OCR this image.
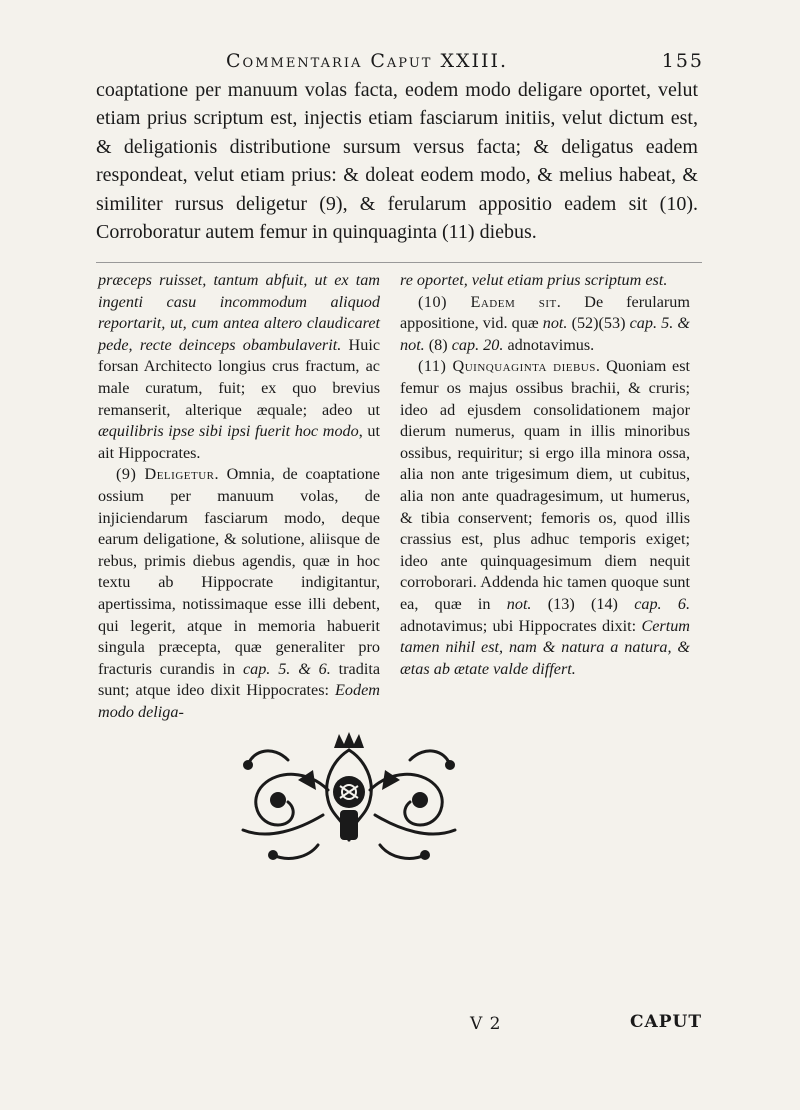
Commentaria Caput XXIII.	155

coaptatione per manuum volas facta, eodem modo deligare oportet, velut etiam prius scriptum est, injectis etiam fasciarum initiis, velut dictum est, & deligationis distributione sursum versus facta; & deligatus eadem respondeat, velut etiam prius: & doleat eodem modo, & melius habeat, & similiter rursus deligetur (9), & ferularum appositio eadem sit (10). Corroboratur autem femur in quinquaginta (11) diebus.

præceps ruisset, tantum abfuit, ut ex tam ingenti casu incommodum aliquod reportarit, ut, cum antea altero claudicaret pede, recte deinceps obambulaverit. Huic forsan Architecto longius crus fractum, ac male curatum, fuit; ex quo brevius remanserit, alterique æquale; adeo ut æquilibris ipse sibi ipsi fuerit hoc modo, ut ait Hippocrates.

(9) Deligetur. Omnia, de coaptatione ossium per manuum volas, de injiciendarum fasciarum modo, deque earum deligatione, & solutione, aliisque de rebus, primis diebus agendis, quæ in hoc textu ab Hippocrate indigitantur, apertissima, notissimaque esse illi debent, qui legerit, atque in memoria habuerit singula præcepta, quæ generaliter pro fracturis curandis in cap. 5. & 6. tradita sunt; atque ideo dixit Hippocrates: Eodem modo deliga-

re oportet, velut etiam prius scriptum est.

(10) Eadem sit. De ferularum appositione, vid. quæ not. (52)(53) cap. 5. & not. (8) cap. 20. adnotavimus.

(11) Quinquaginta diebus. Quoniam est femur os majus ossibus brachii, & cruris; ideo ad ejusdem consolidationem major dierum numerus, quam in illis minoribus ossibus, requiritur; si ergo illa minora ossa, alia non ante trigesimum diem, ut cubitus, alia non ante quadragesimum, ut humerus, & tibia conservent; femoris os, quod illis crassius est, plus adhuc temporis exiget; ideo ante quinquagesimum diem nequit corroborari. Addenda hic tamen quoque sunt ea, quæ in not. (13) (14) cap. 6. adnotavimus; ubi Hippocrates dixit: Certum tamen nihil est, nam & natura a natura, & ætas ab ætate valde differt.

V 2	CAPUT
